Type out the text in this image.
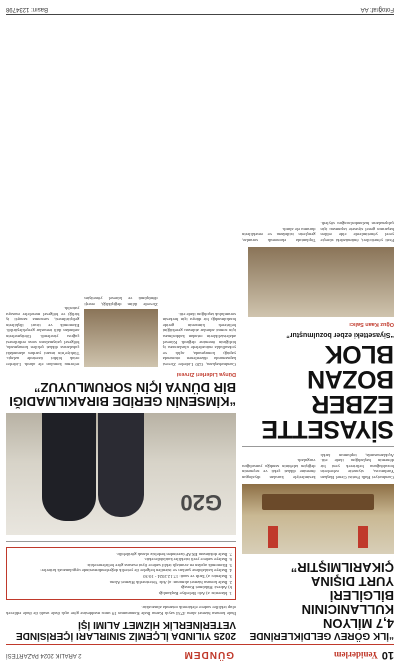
10
Yeniderlem
GÜNDEM
2 ARALIK 2024 PAZARTESİ
“İLK GÖREV GELDİKLERİNDE
4,7 MİLYON KULLANICININ BİLGİLERİ
YURT DIŞINA ÇIKARILMIŞTIR”
Cumhuriyet Halk Partisi Genel Başkan Yardımcısı, siyasette ezberlerin bozulduğunu belirterek yeni bir dönemin başladığını ifade etti. Açıklamasında, toplumun farklı kesimleriyle kurulan diyalogun önemine dikkat çekti ve seçmenin değişim talebinin sandığa yansıdığını vurguladı.
SİYASETTE EZBER
BOZAN BLOK
“Siyasetteki ezber bozulmuştur”
Oğuz Kaan Salıcı
Parti yöneticileri, önümüzdeki süreçte yerel yönetimlerde elde edilen başarının genel siyasete taşınması için çalışmaların hızlandırılacağını söyledi. Toplantıda ekonomik sorunlar, gençlerin istihdamı ve emeklilerin durumu ele alındı.
2025 YILINDA İLÇEMİZ SINIRLARI İÇERİSİNDE VETERİNERLİK HİZMET ALIMI İŞİ
İhale konusu hizmet alımı 4734 sayılı Kamu İhale Kanununun 19 uncu maddesine göre açık ihale usulü ile ihale edilecek olup teklifler sadece elektronik ortamda alınacaktır.
1. İdarenin: a) Adı: Belediye Başkanlığı
b) Adresi: Hükümet Konağı
2. İhale konusu hizmet alımının: a) Adı: Veterinerlik Hizmet Alımı
3. İhalenin: a) Tarih ve saati: 17.12.2024 - 10:30
4. İhaleye katılabilme şartları ve istenilen belgeler ile yeterlik değerlendirmesinde uygulanacak kriterler:
5. Ekonomik açıdan en avantajlı teklif sadece fiyat esasına göre belirlenecektir.
6. İhaleye sadece yerli istekliler katılabilecektir.
7. İhale dokümanı EKAP üzerinden bedelsiz olarak görülebilir.
G20
“KİMSENİN GERİDE BIRAKILMADIĞI
BİR DÜNYA İÇİN SORUMLUYUZ”
Dünya Liderleri Zirvesi
Cumhurbaşkanı, G20 Liderler Zirvesi kapsamında düzenlenen oturumda yaptığı konuşmada, açlık ve yoksullukla mücadelede uluslararası iş birliğinin önemine değindi. Küresel adaletsizliklerin ortadan kaldırılması için somut adımlar atılması gerektiğini belirterek kimsenin geride bırakılmadığı bir dünya için herkesin sorumluluk taşıdığını ifade etti.
Zirvede iklim değişikliği, enerji dönüşümü ve küresel yönetişim reformu konuları ele alındı. Liderler ortak bildiri üzerinde uzlaştı. Türkiye'nin insani yardım alanındaki çabalarına dikkat çekilen konuşmada, bölgesel çatışmaların sona erdirilmesi çağrısı yinelendi. Görüşmelerin ardından ikili temaslar gerçekleştirildi. Ekonomik ve ticari ilişkilerin geliştirilmesi, savunma sanayii iş birliği ve bölgesel meseleler masaya yatırıldı.
Fotoğraf: AA
Basın: 1234798
